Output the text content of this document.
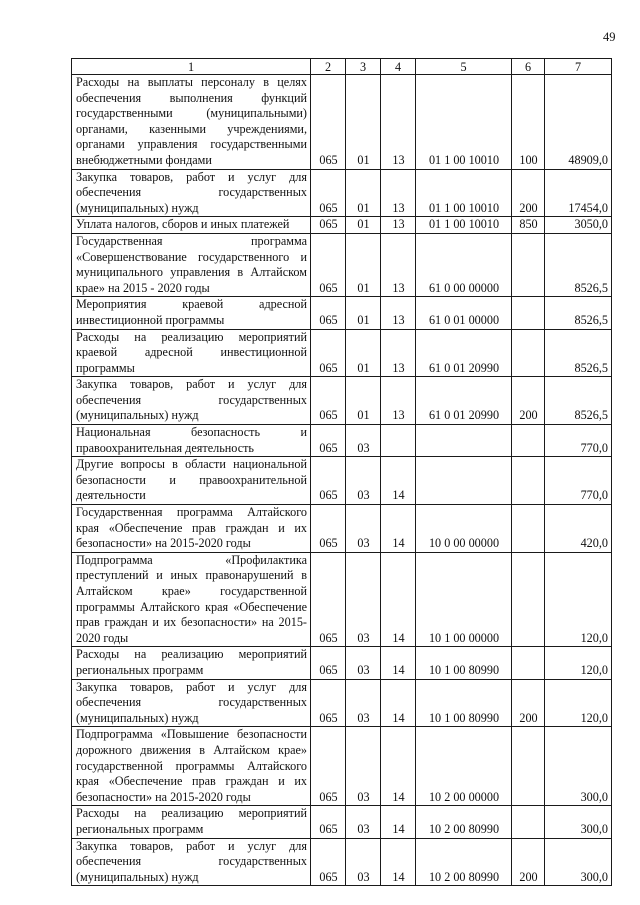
49
1	2	3	4	5	6	7
Расходы на выплаты персоналу в целях обеспечения выполнения функций государственными (муниципальными) органами, казенными учреждениями, органами управления государственными внебюджетными фондами	065	01	13	01 1 00 10010	100	48909,0
Закупка товаров, работ и услуг для обеспечения государственных (муниципальных) нужд	065	01	13	01 1 00 10010	200	17454,0
Уплата налогов, сборов и иных платежей	065	01	13	01 1 00 10010	850	3050,0
Государственная программа «Совершенствование государственного и муниципального управления в Алтайском крае» на 2015 - 2020 годы	065	01	13	61 0 00 00000		8526,5
Мероприятия краевой адресной инвестиционной программы	065	01	13	61 0 01 00000		8526,5
Расходы на реализацию мероприятий краевой адресной инвестиционной программы	065	01	13	61 0 01 20990		8526,5
Закупка товаров, работ и услуг для обеспечения государственных (муниципальных) нужд	065	01	13	61 0 01 20990	200	8526,5
Национальная безопасность и правоохранительная деятельность	065	03				770,0
Другие вопросы в области национальной безопасности и правоохранительной деятельности	065	03	14			770,0
Государственная программа Алтайского края «Обеспечение прав граждан и их безопасности» на 2015-2020 годы	065	03	14	10 0 00 00000		420,0
Подпрограмма «Профилактика преступлений и иных правонарушений в Алтайском крае» государственной программы Алтайского края «Обеспечение прав граждан и их безопасности» на 2015-2020 годы	065	03	14	10 1 00 00000		120,0
Расходы на реализацию мероприятий региональных программ	065	03	14	10 1 00 80990		120,0
Закупка товаров, работ и услуг для обеспечения государственных (муниципальных) нужд	065	03	14	10 1 00 80990	200	120,0
Подпрограмма «Повышение безопасности дорожного движения в Алтайском крае» государственной программы Алтайского края «Обеспечение прав граждан и их безопасности» на 2015-2020 годы	065	03	14	10 2 00 00000		300,0
Расходы на реализацию мероприятий региональных программ	065	03	14	10 2 00 80990		300,0
Закупка товаров, работ и услуг для обеспечения государственных (муниципальных) нужд	065	03	14	10 2 00 80990	200	300,0
